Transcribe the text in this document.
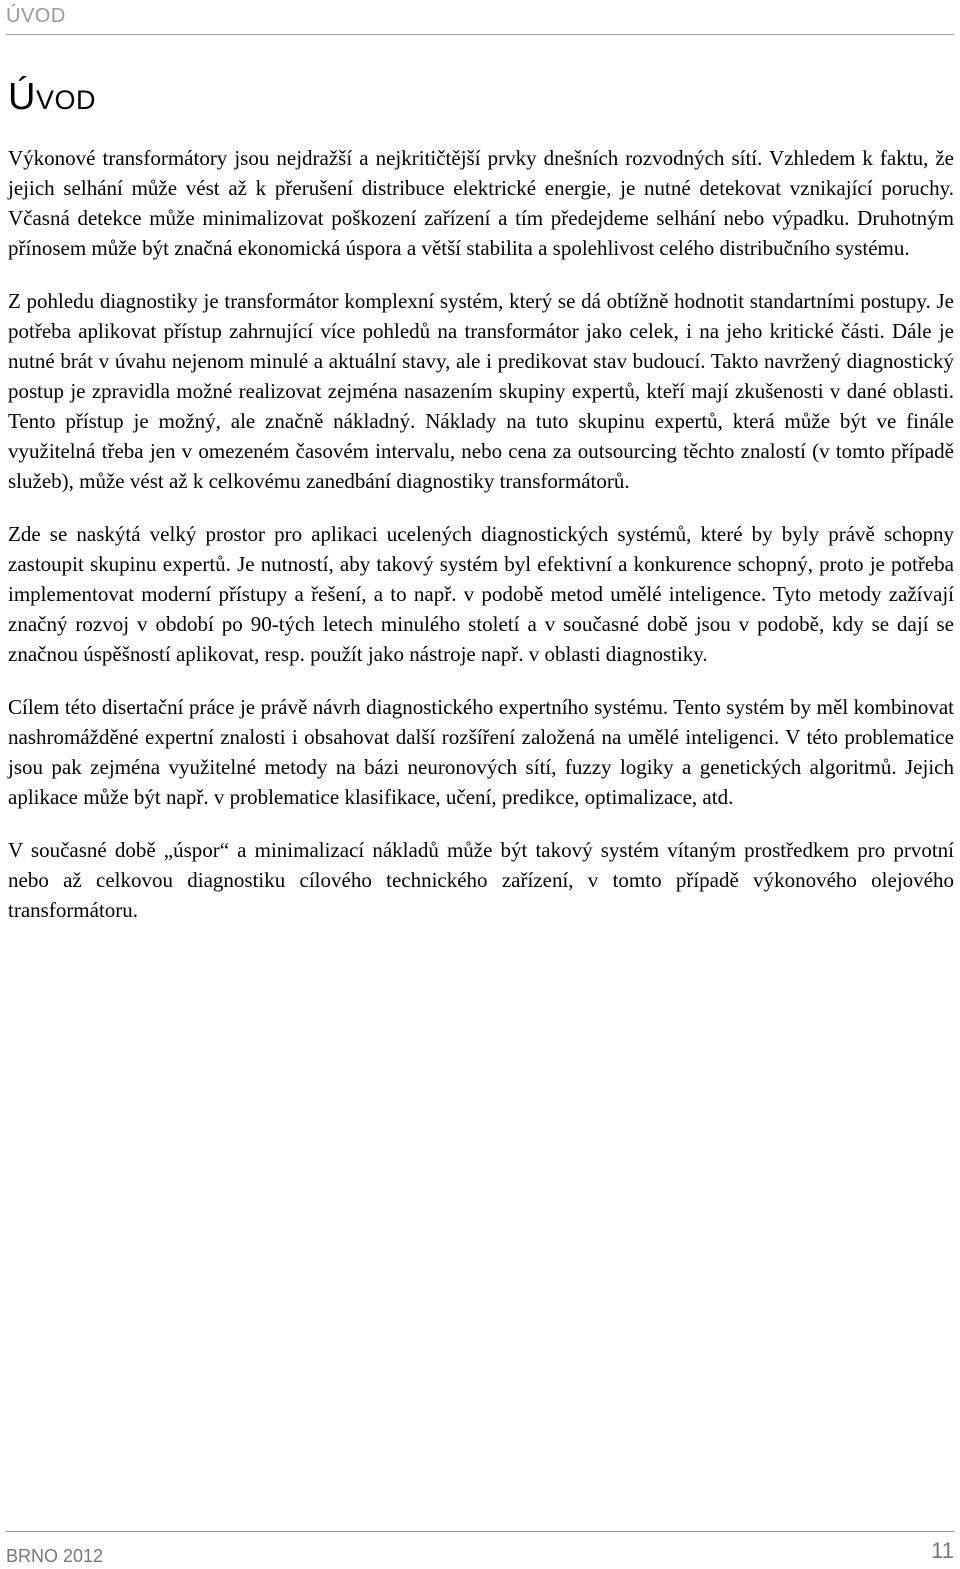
ÚVOD
Úvod

Výkonové transformátory jsou nejdražší a nejkritičtější prvky dnešních rozvodných sítí. Vzhledem k faktu, že jejich selhání může vést až k přerušení distribuce elektrické energie, je nutné detekovat vznikající poruchy. Včasná detekce může minimalizovat poškození zařízení a tím předejdeme selhání nebo výpadku. Druhotným přínosem může být značná ekonomická úspora a větší stabilita a spolehlivost celého distribučního systému.

Z pohledu diagnostiky je transformátor komplexní systém, který se dá obtížně hodnotit standartními postupy. Je potřeba aplikovat přístup zahrnující více pohledů na transformátor jako celek, i na jeho kritické části. Dále je nutné brát v úvahu nejenom minulé a aktuální stavy, ale i predikovat stav budoucí. Takto navržený diagnostický postup je zpravidla možné realizovat zejména nasazením skupiny expertů, kteří mají zkušenosti v dané oblasti. Tento přístup je možný, ale značně nákladný. Náklady na tuto skupinu expertů, která může být ve finále využitelná třeba jen v omezeném časovém intervalu, nebo cena za outsourcing těchto znalostí (v tomto případě služeb), může vést až k celkovému zanedbání diagnostiky transformátorů.

Zde se naskýtá velký prostor pro aplikaci ucelených diagnostických systémů, které by byly právě schopny zastoupit skupinu expertů. Je nutností, aby takový systém byl efektivní a konkurence schopný, proto je potřeba implementovat moderní přístupy a řešení, a to např. v podobě metod umělé inteligence. Tyto metody zažívají značný rozvoj v období po 90-tých letech minulého století a v současné době jsou v podobě, kdy se dají se značnou úspěšností aplikovat, resp. použít jako nástroje např. v oblasti diagnostiky.

Cílem této disertační práce je právě návrh diagnostického expertního systému. Tento systém by měl kombinovat nashromážděné expertní znalosti i obsahovat další rozšíření založená na umělé inteligenci. V této problematice jsou pak zejména využitelné metody na bázi neuronových sítí, fuzzy logiky a genetických algoritmů. Jejich aplikace může být např. v problematice klasifikace, učení, predikce, optimalizace, atd.

V současné době „úspor“ a minimalizací nákladů může být takový systém vítaným prostředkem pro prvotní nebo až celkovou diagnostiku cílového technického zařízení, v tomto případě výkonového olejového transformátoru.

BRNO 2012	11
